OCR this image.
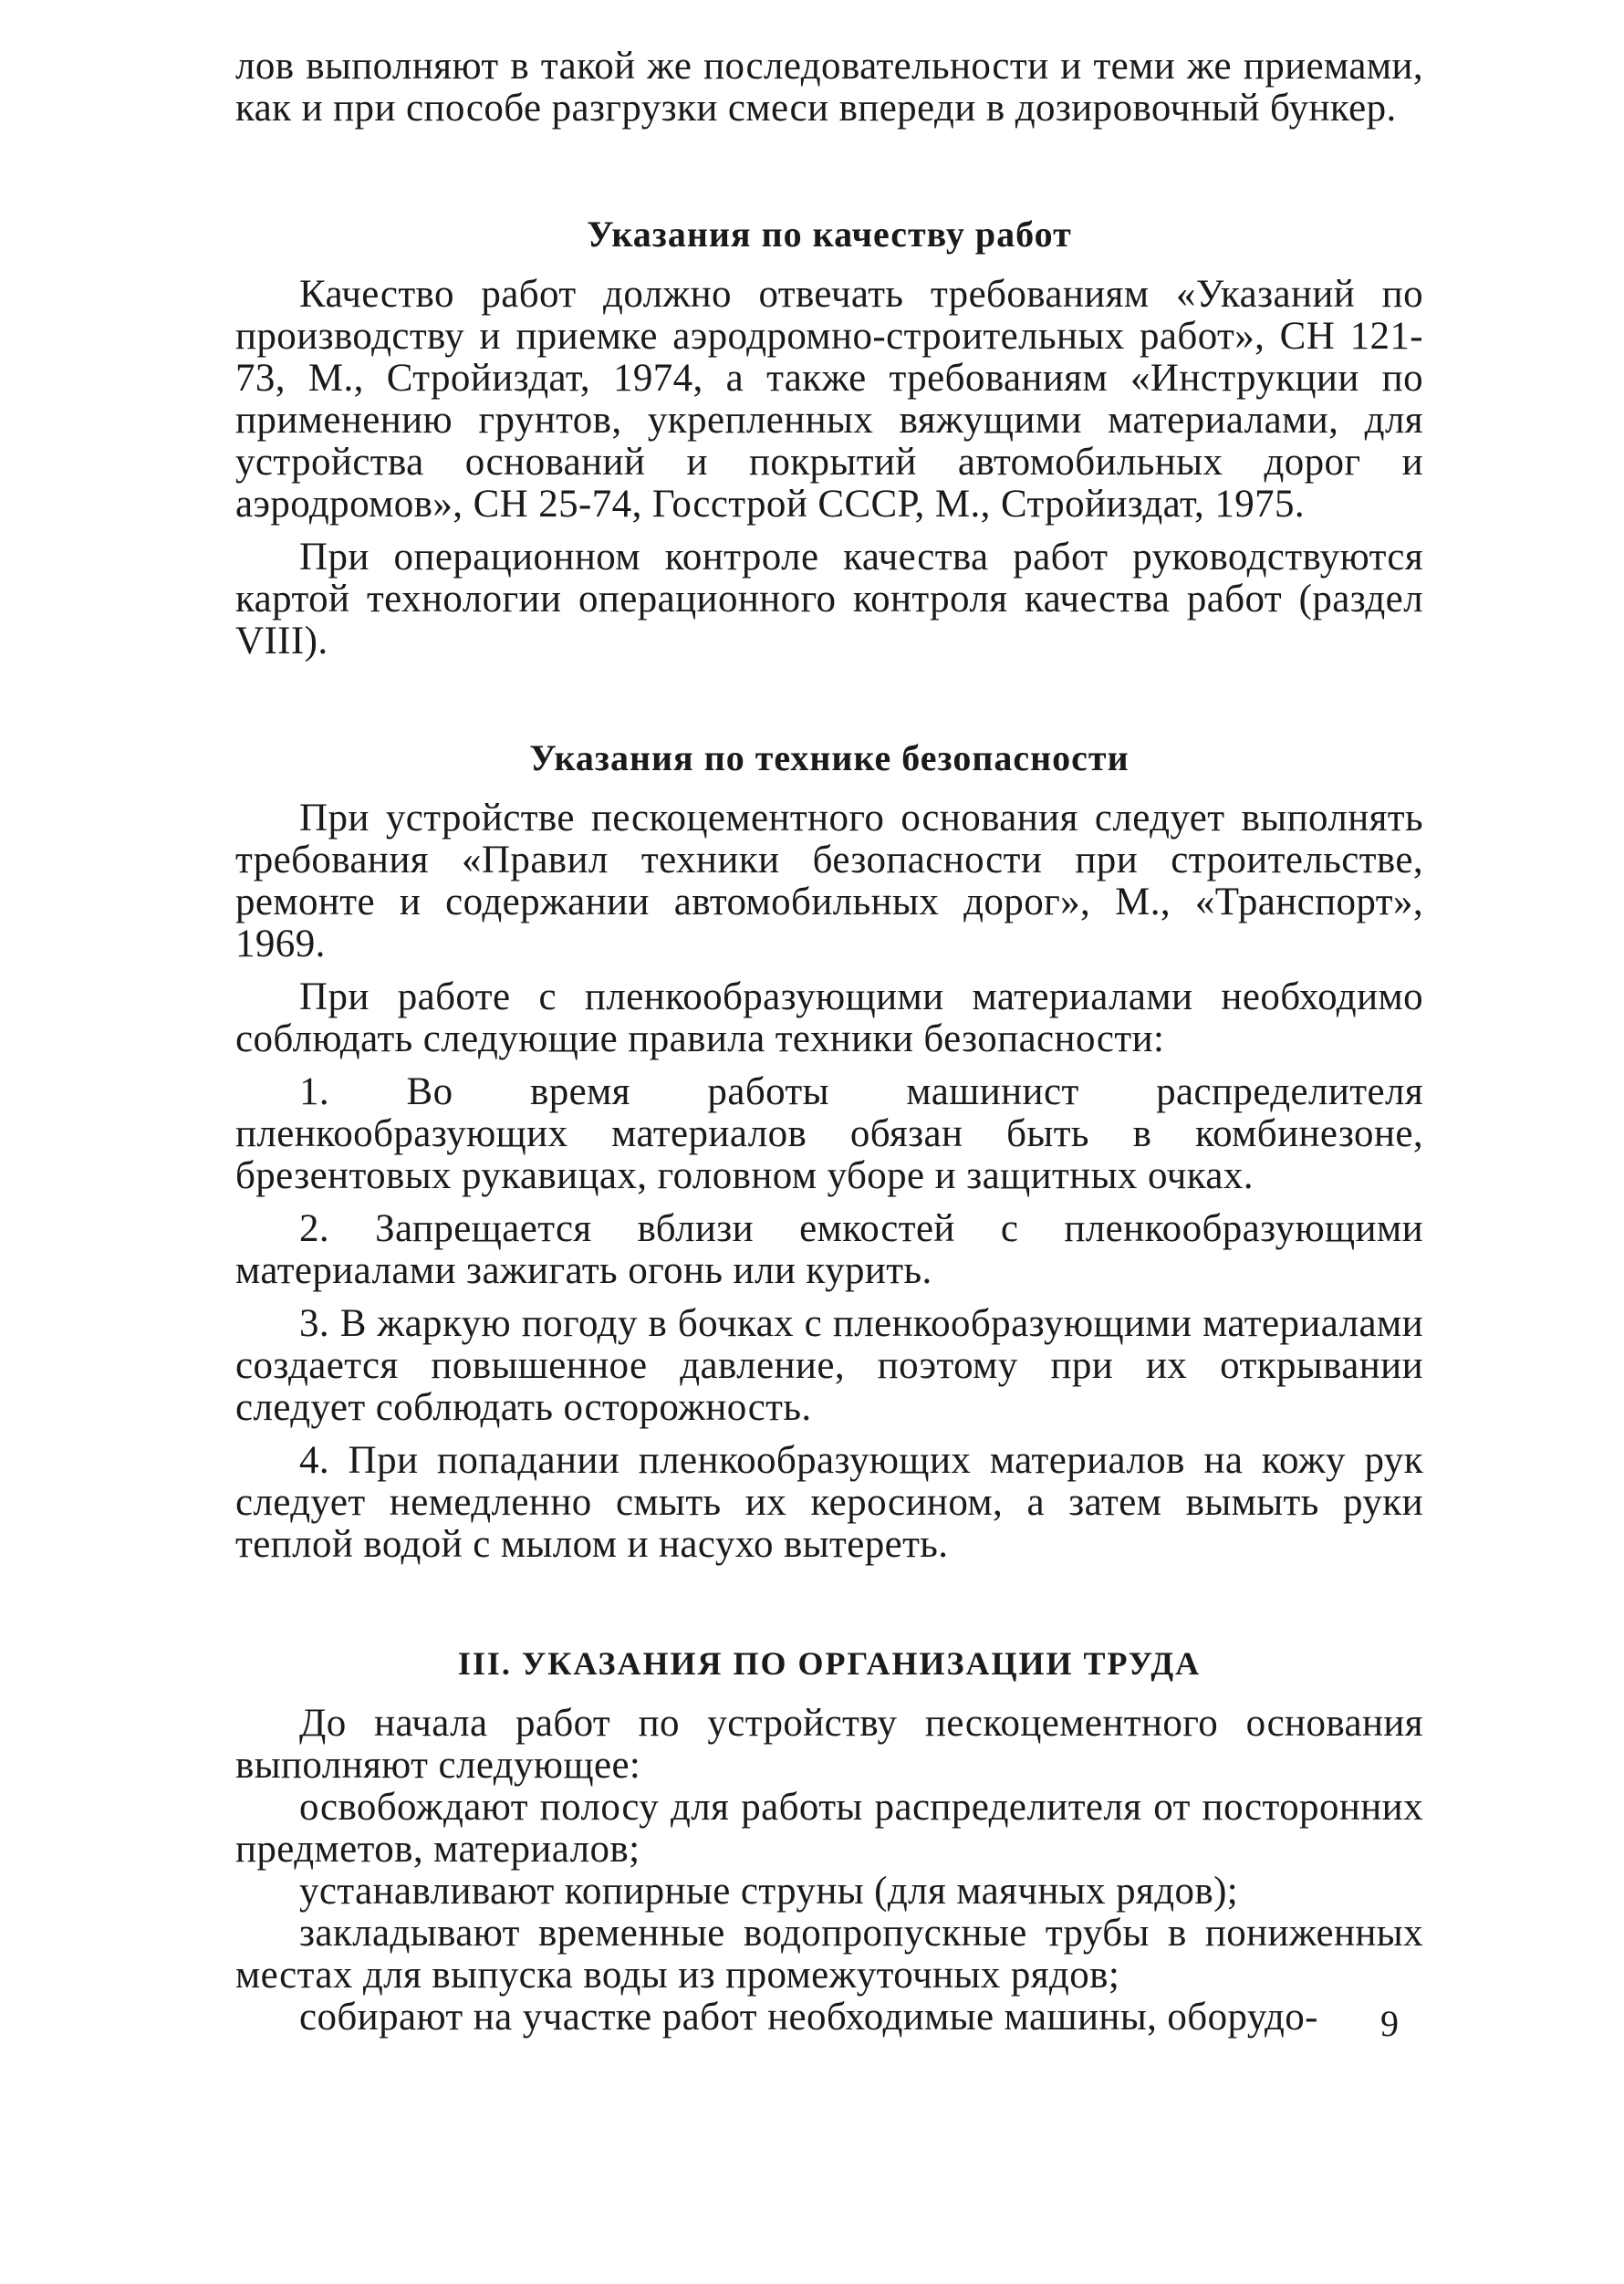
лов выполняют в такой же последовательности и теми же приемами, как и при способе разгрузки смеси впереди в дозировочный бункер.

Указания по качеству работ

Качество работ должно отвечать требованиям «Указаний по производству и приемке аэродромно-строительных работ», СН 121-73, М., Стройиздат, 1974, а также требованиям «Инструкции по применению грунтов, укрепленных вяжущими материалами, для устройства оснований и покрытий автомобильных дорог и аэродромов», СН 25-74, Госстрой СССР, М., Стройиздат, 1975.

При операционном контроле качества работ руководствуются картой технологии операционного контроля качества работ (раздел VIII).

Указания по технике безопасности

При устройстве пескоцементного основания следует выполнять требования «Правил техники безопасности при строительстве, ремонте и содержании автомобильных дорог», М., «Транспорт», 1969.

При работе с пленкообразующими материалами необходимо соблюдать следующие правила техники безопасности:

1. Во время работы машинист распределителя пленкообразующих материалов обязан быть в комбинезоне, брезентовых рукавицах, головном уборе и защитных очках.

2. Запрещается вблизи емкостей с пленкообразующими материалами зажигать огонь или курить.

3. В жаркую погоду в бочках с пленкообразующими материалами создается повышенное давление, поэтому при их открывании следует соблюдать осторожность.

4. При попадании пленкообразующих материалов на кожу рук следует немедленно смыть их керосином, а затем вымыть руки теплой водой с мылом и насухо вытереть.

III. УКАЗАНИЯ ПО ОРГАНИЗАЦИИ ТРУДА

До начала работ по устройству пескоцементного основания выполняют следующее:

освобождают полосу для работы распределителя от посторонних предметов, материалов;

устанавливают копирные струны (для маячных рядов);

закладывают временные водопропускные трубы в пониженных местах для выпуска воды из промежуточных рядов;

собирают на участке работ необходимые машины, оборудо-	9
